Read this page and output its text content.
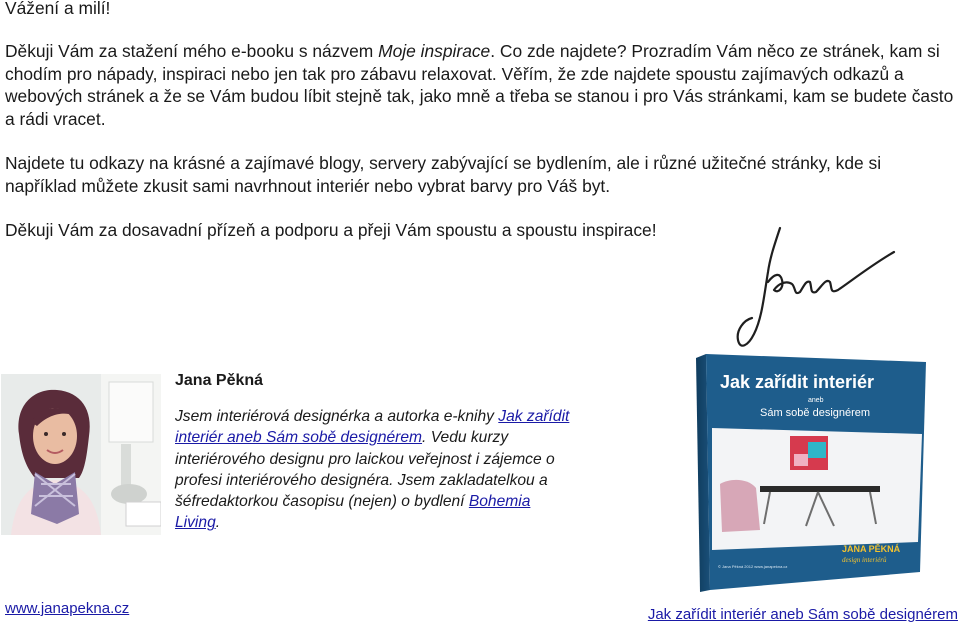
Vážení a milí!

Děkuji Vám za stažení mého e-booku s názvem Moje inspirace. Co zde najdete? Prozradím Vám něco ze stránek, kam si chodím pro nápady, inspiraci nebo jen tak pro zábavu relaxovat. Věřím, že zde najdete spoustu zajímavých odkazů a webových stránek a že se Vám budou líbit stejně tak, jako mně a třeba se stanou i pro Vás stránkami, kam se budete často a rádi vracet.

Najdete tu odkazy na krásné a zajímavé blogy, servery zabývající se bydlením, ale i různé užitečné stránky, kde si například můžete zkusit sami navrhnout interiér nebo vybrat barvy pro Váš byt.

Děkuji Vám za dosavadní přízeň a podporu a přeji Vám spoustu a spoustu inspirace!

Jana Pěkná

Jsem interiérová designérka a autorka e-knihy Jak zařídit interiér aneb Sám sobě designérem. Vedu kurzy interiérového designu pro laickou veřejnost i zájemce o profesi interiérového designéra. Jsem zakladatelkou a šéfredaktorkou časopisu (nejen) o bydlení Bohemia Living.

Jak zařídit interiér
aneb
Sám sobě designérem
JANA PĚKNÁ
design interiérů
© Jana Pěkná 2012 www.janapekna.cz
www.janapekna.cz	Jak zařídit interiér aneb Sám sobě designérem
